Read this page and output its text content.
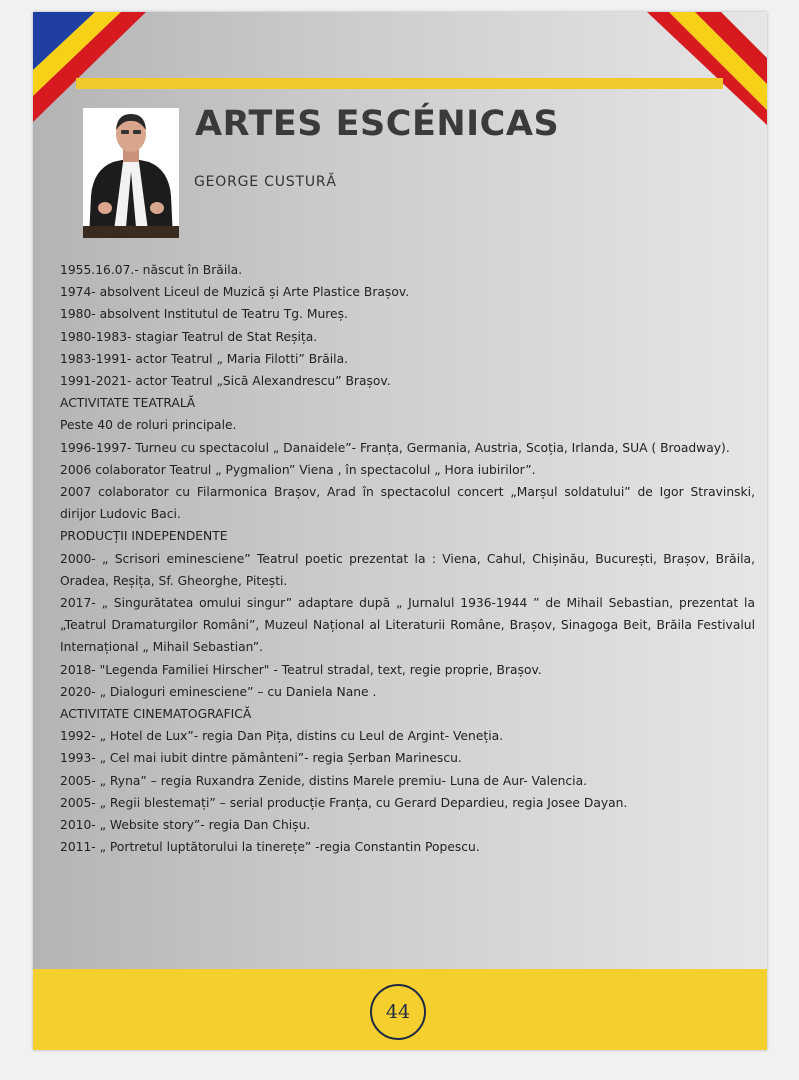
ARTES ESCÉNICAS
GEORGE CUSTURĂ

1955.16.07.- născut în Brăila.

1974- absolvent Liceul de Muzică și Arte Plastice Brașov.

1980- absolvent Institutul de Teatru Tg. Mureș.

1980-1983- stagiar Teatrul de Stat Reșița.

1983-1991- actor Teatrul „ Maria Filotti” Brăila.

1991-2021- actor Teatrul „Sică Alexandrescu” Brașov.

ACTIVITATE TEATRALĂ

Peste 40 de roluri principale.

1996-1997- Turneu cu spectacolul „ Danaidele”- Franța, Germania, Austria, Scoția, Irlanda, SUA ( Broadway).

2006 colaborator Teatrul „ Pygmalion” Viena , în spectacolul „ Hora iubirilor”.

2007 colaborator cu Filarmonica Brașov, Arad în spectacolul concert „Marșul soldatului” de Igor Stravinski, dirijor Ludovic Baci.

PRODUCȚII INDEPENDENTE

2000- „ Scrisori eminesciene” Teatrul poetic prezentat la : Viena, Cahul, Chișinău, București, Brașov, Brăila, Oradea, Reșița, Sf. Gheorghe, Pitești.

2017- „ Singurătatea omului singur” adaptare după „ Jurnalul 1936-1944 ” de Mihail Sebastian, prezentat la „Teatrul Dramaturgilor Români”, Muzeul Național al Literaturii Române, Brașov, Sinagoga Beit, Brăila Festivalul Internațional „ Mihail Sebastian”.

2018- "Legenda Familiei Hirscher" - Teatrul stradal, text, regie proprie, Brașov.

2020- „ Dialoguri eminesciene” – cu Daniela Nane .

ACTIVITATE CINEMATOGRAFICĂ

1992- „ Hotel de Lux”- regia Dan Pița, distins cu Leul de Argint- Veneția.

1993- „ Cel mai iubit dintre pământeni”- regia Șerban Marinescu.

2005- „ Ryna” – regia Ruxandra Zenide, distins Marele premiu- Luna de Aur- Valencia.

2005- „ Regii blestemați” – serial producție Franța, cu Gerard Depardieu, regia Josee Dayan.

2010- „ Website story”- regia Dan Chișu.

2011- „ Portretul luptătorului la tinerețe” -regia Constantin Popescu.

44
